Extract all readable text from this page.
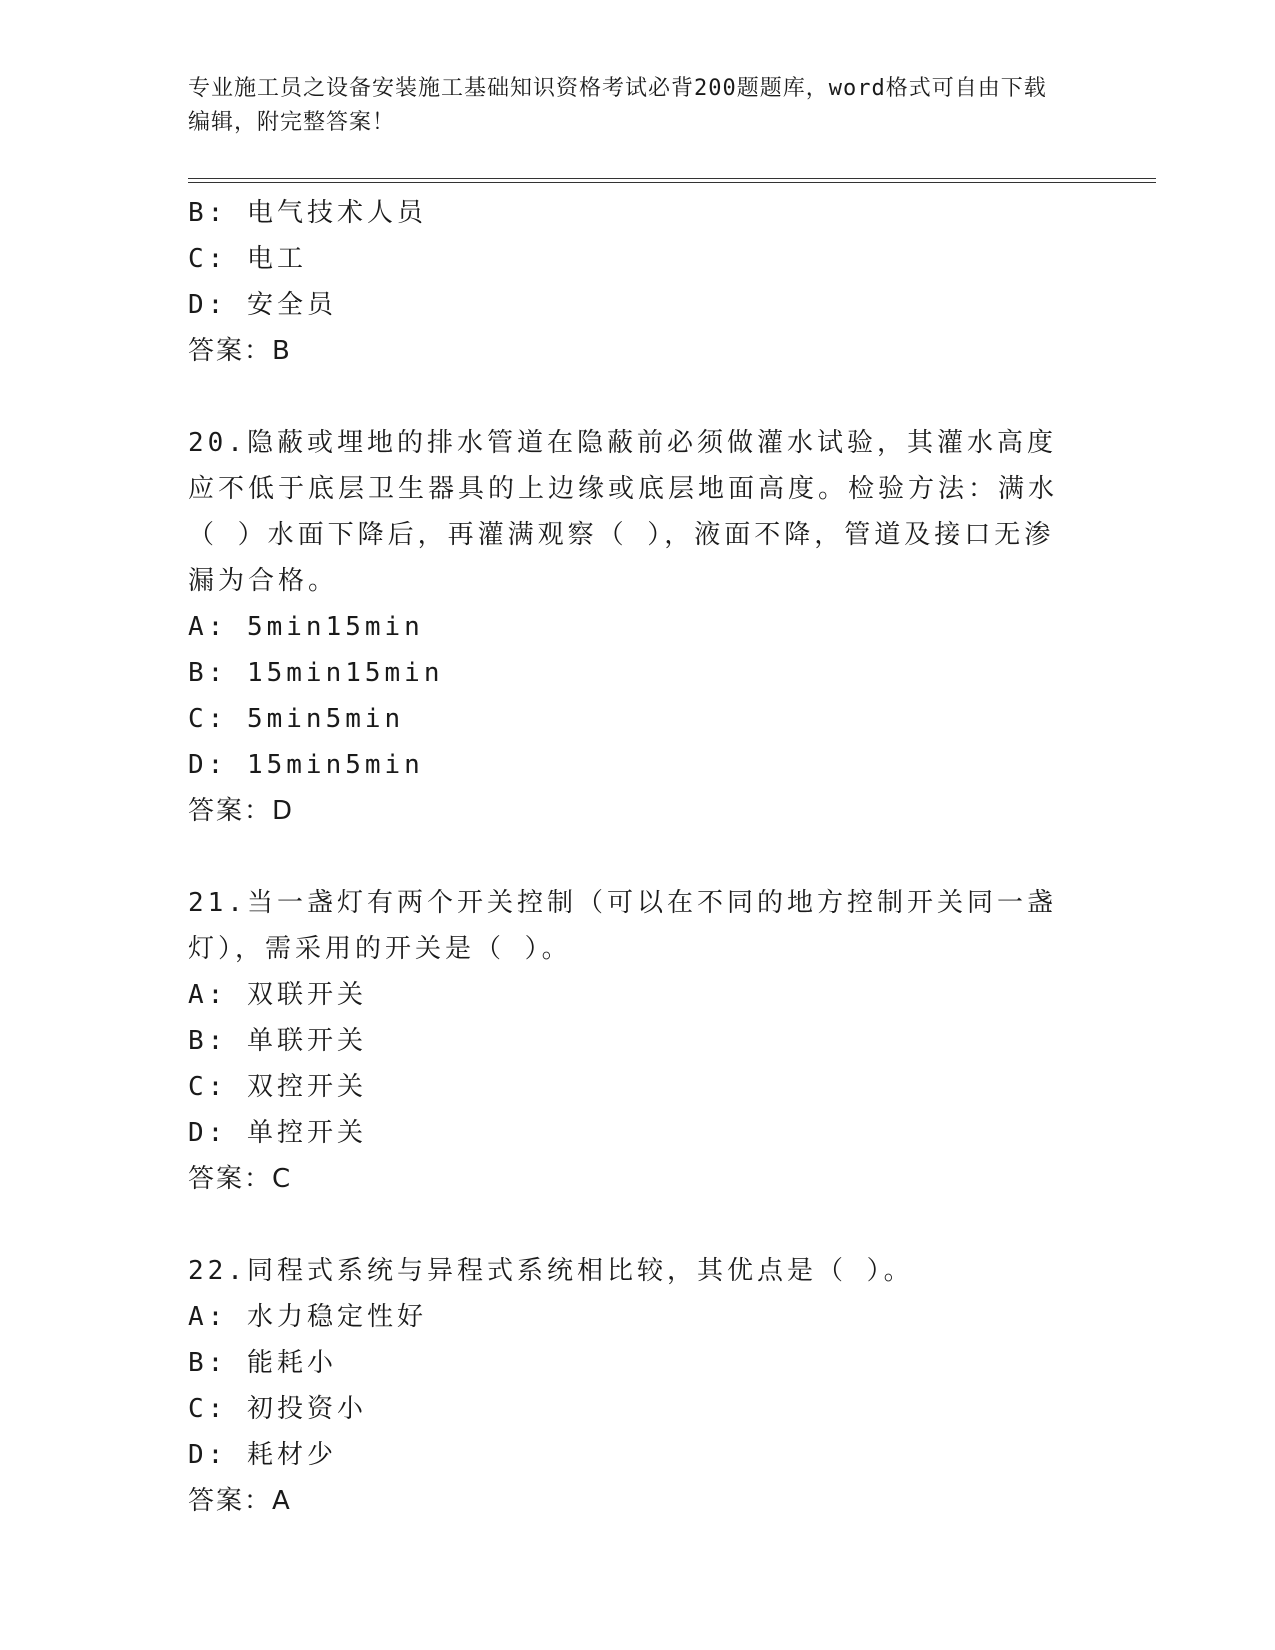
专业施工员之设备安装施工基础知识资格考试必背200题题库，word格式可自由下载编辑，附完整答案！
B: 电气技术人员
C: 电工
D: 安全员
答案：B
20.隐蔽或埋地的排水管道在隐蔽前必须做灌水试验，其灌水高度应不低于底层卫生器具的上边缘或底层地面高度。检验方法：满水（ ）水面下降后，再灌满观察（ ），液面不降，管道及接口无渗漏为合格。
A: 5min15min
B: 15min15min
C: 5min5min
D: 15min5min
答案：D
21.当一盏灯有两个开关控制（可以在不同的地方控制开关同一盏灯），需采用的开关是（ ）。
A: 双联开关
B: 单联开关
C: 双控开关
D: 单控开关
答案：C
22.同程式系统与异程式系统相比较，其优点是（ ）。
A: 水力稳定性好
B: 能耗小
C: 初投资小
D: 耗材少
答案：A
